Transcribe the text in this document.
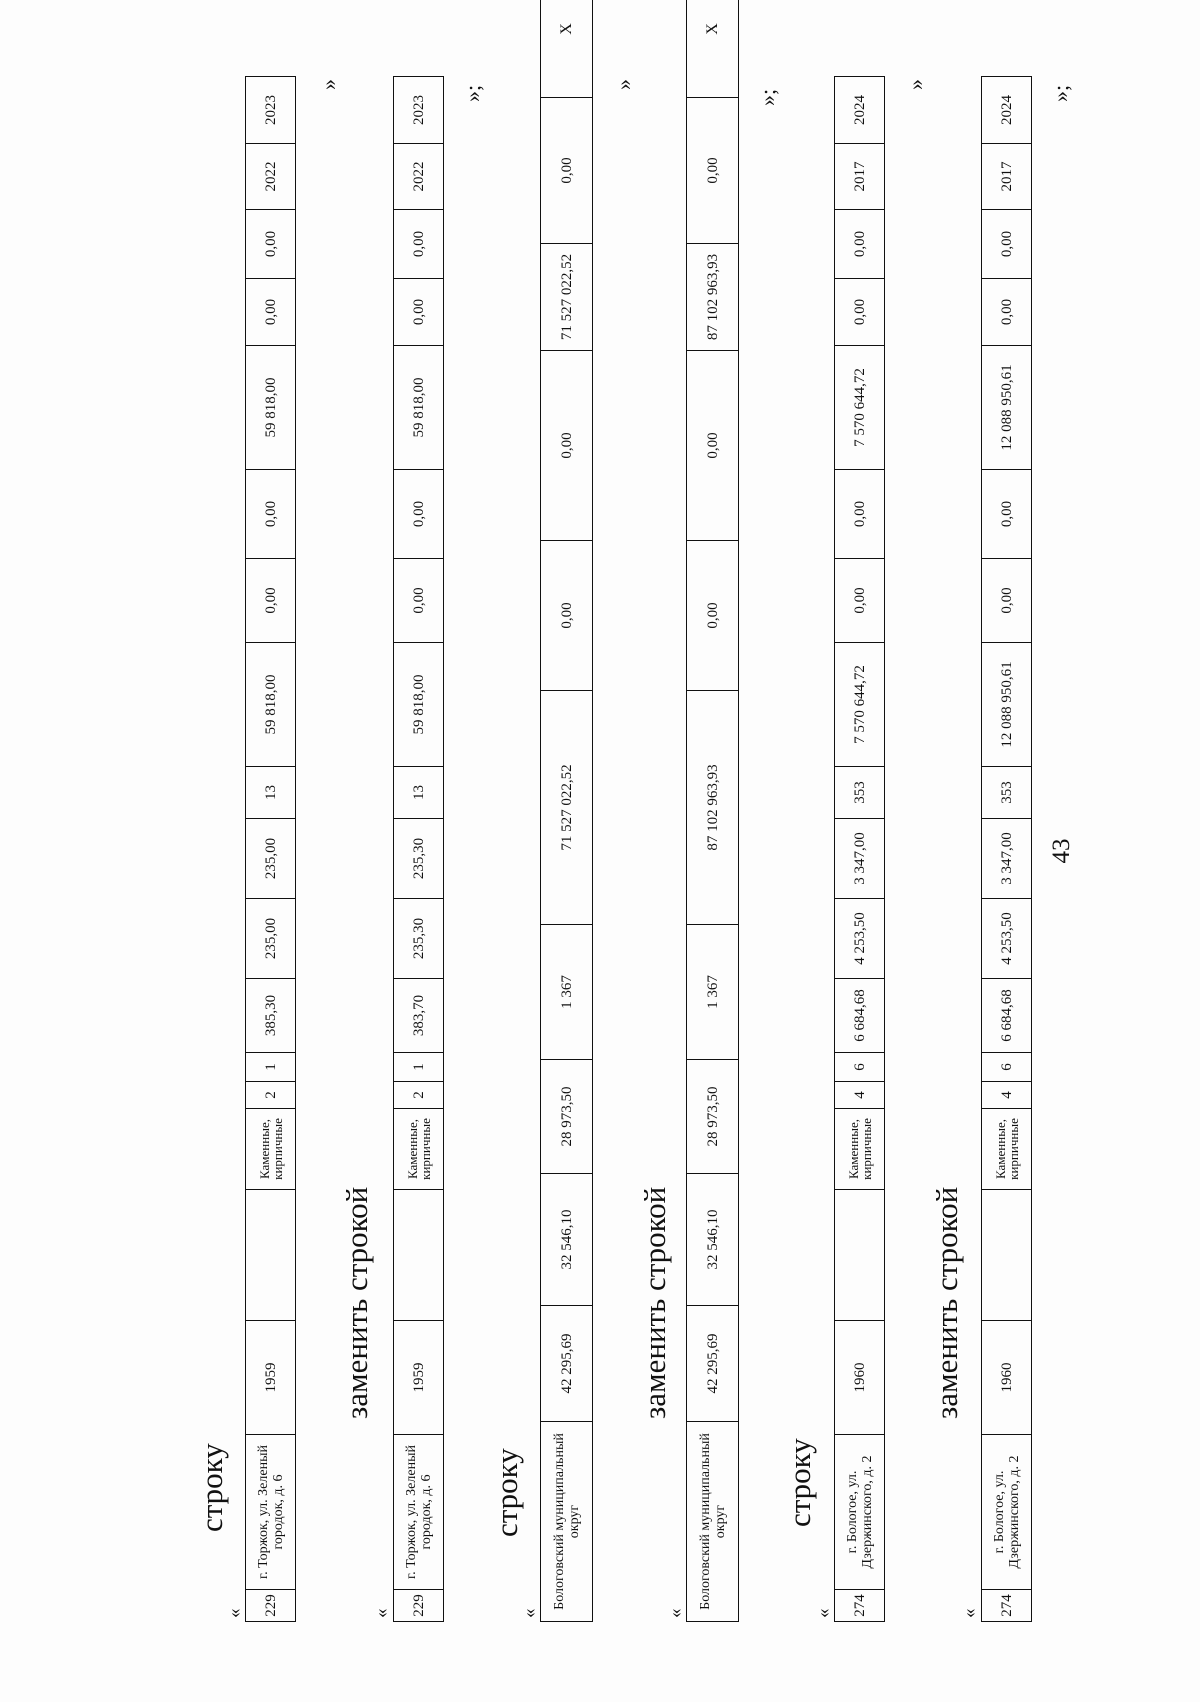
43
строку
« 229	г. Торжок, ул. Зеленый городок, д. 6	1959		Каменные, кирпичные	2	1	385,30	235,00	235,00	13	59 818,00	0,00	0,00	59 818,00	0,00	0,00	2022	2023
»
заменить строкой
« 229	г. Торжок, ул. Зеленый городок, д. 6	1959		Каменные, кирпичные	2	1	383,70	235,30	235,30	13	59 818,00	0,00	0,00	59 818,00	0,00	0,00	2022	2023
»;
строку
«
Бологовский муниципальный округ	42 295,69	32 546,10	28 973,50	1 367	71 527 022,52	0,00	0,00	71 527 022,52	0,00	X	
»
заменить строкой
«
Бологовский муниципальный округ	42 295,69	32 546,10	28 973,50	1 367	87 102 963,93	0,00	0,00	87 102 963,93	0,00	X	
»;
строку
« 274	г. Бологое, ул. Дзержинского, д. 2	1960		Каменные, кирпичные	4	6	6 684,68	4 253,50	3 347,00	353	7 570 644,72	0,00	0,00	7 570 644,72	0,00	0,00	2017	2024
»
заменить строкой
« 274	г. Бологое, ул. Дзержинского, д. 2	1960		Каменные, кирпичные	4	6	6 684,68	4 253,50	3 347,00	353	12 088 950,61	0,00	0,00	12 088 950,61	0,00	0,00	2017	2024
»;
